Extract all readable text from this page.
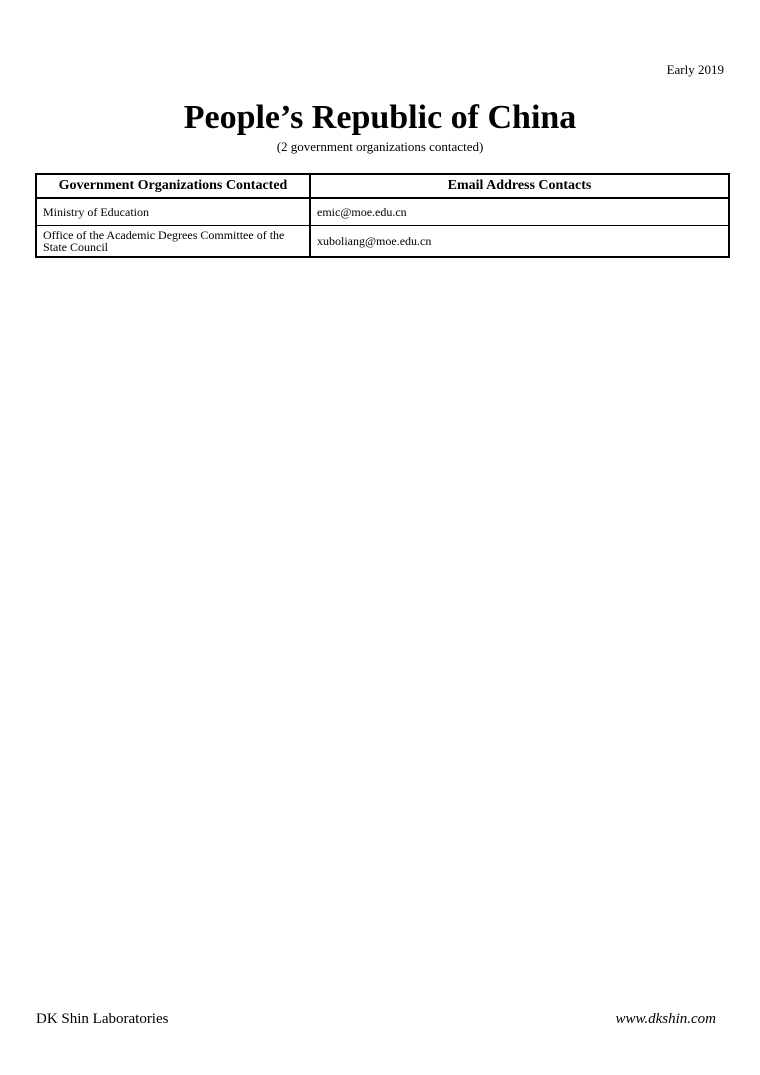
Early 2019
People’s Republic of China
(2 government organizations contacted)
Government Organizations Contacted	Email Address Contacts
Ministry of Education	emic@moe.edu.cn
Office of the Academic Degrees Committee of the State Council	xuboliang@moe.edu.cn
DK Shin Laboratories	www.dkshin.com
